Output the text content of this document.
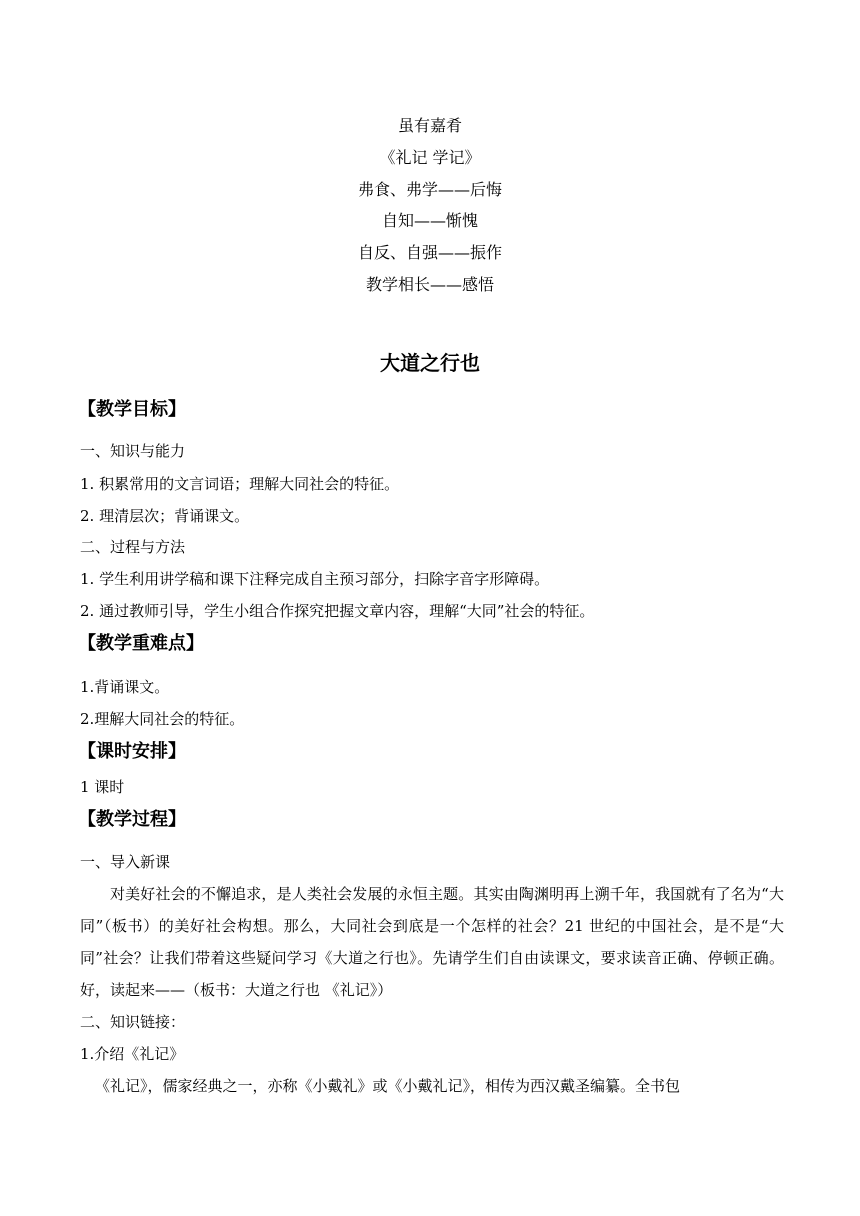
虽有嘉肴
《礼记 学记》
弗食、弗学——后悔
自知——惭愧
自反、自强——振作
教学相长——感悟
大道之行也
【教学目标】
一、知识与能力
1. 积累常用的文言词语；理解大同社会的特征。
2. 理清层次；背诵课文。
二、过程与方法
1. 学生利用讲学稿和课下注释完成自主预习部分，扫除字音字形障碍。
2. 通过教师引导，学生小组合作探究把握文章内容，理解“大同”社会的特征。
【教学重难点】
1.背诵课文。
2.理解大同社会的特征。
【课时安排】
1 课时
【教学过程】
一、导入新课
对美好社会的不懈追求，是人类社会发展的永恒主题。其实由陶渊明再上溯千年，我国就有了名为“大同”（板书）的美好社会构想。那么，大同社会到底是一个怎样的社会？21 世纪的中国社会，是不是“大同”社会？让我们带着这些疑问学习《大道之行也》。先请学生们自由读课文，要求读音正确、停顿正确。好，读起来——（板书：大道之行也 《礼记》）
二、知识链接：
1.介绍《礼记》
《礼记》，儒家经典之一，亦称《小戴礼》或《小戴礼记》，相传为西汉戴圣编纂。全书包
